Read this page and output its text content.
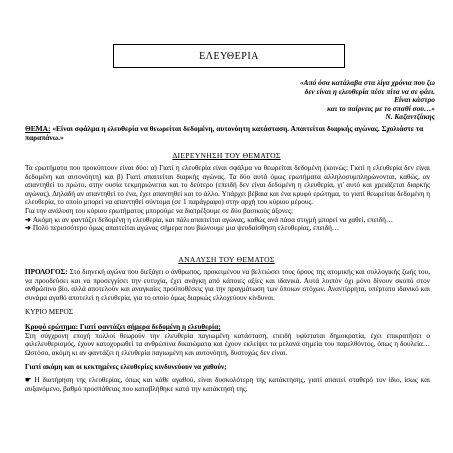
ΕΛΕΥΘΕΡΙΑ
«Από όσα κατάλαβα στα λίγα χρόνια που ζω
δεν είναι η ελευθερία πέσε πίτα να σε φάει.
Είναι κάστρο
και το παίρνεις με το σπαθί σου…»
Ν. Καζαντζάκης
ΘΕΜΑ: «Είναι σφάλμα η ελευθερία να θεωρείται δεδομένη, αυτονόητη κατάσταση. Απαιτείται διαρκής αγώνας. Σχολιάστε τα παραπάνω.»
ΔΙΕΡΕΥΝΗΣΗ ΤΟΥ ΘΕΜΑΤΟΣ

Τα ερωτήματα που προκύπτουν είναι δύο: α) Γιατί η ελευθερία είναι σφάλμα να θεωρείται δεδομένη (κοινώς: Γιατί η ελευθερία δεν είναι δεδομένη και αυτονόητη) και β) Γιατί απαιτείται διαρκής αγώνας. Τα δύο αυτά όμως ερωτήματα αλληλοσυμπληρώνονται, καθώς, αν απαντηθεί το πρώτο, στην ουσία τεκμηριώνεται και το δεύτερο (επειδή δεν είναι δεδομένη η ελευθερία, γι' αυτό και χρειάζεται διαρκής αγώνας). Δηλαδή αν απαντηθεί το ένα, έχει απαντηθεί και το άλλο. Υπάρχει βέβαια και ένα κρυφό ερώτημα, το γιατί θεωρείται δεδομένη η ελευθερία, το οποίο μπορεί να απαντηθεί σύντομα (σε 1 παράγραφο) στην αρχή του κύριου μέρους.

Για την ανάλυση του κύριου ερωτήματος μπορούμε να διατρέξουμε σε δύο βασικούς άξονες:

➔ Ακόμη κι αν φαντάζει δεδομένη η ελευθερία, και πάλι απαιτείται αγώνας, καθώς ανά πάσα στιγμή μπορεί να χαθεί, επειδή…

➔ Πολύ περισσότερο όμως απαιτείται αγώνας σήμερα που βιώνουμε μια ψευδαίσθηση ελευθερίας, επειδή…

ΑΝΑΛΥΣΗ ΤΟΥ ΘΕΜΑΤΟΣ

ΠΡΟΛΟΓΟΣ: Στο διηνεκή αγώνα που διεξάγει ο άνθρωπος, προκειμένου να βελτιώσει τους όρους της ατομικής και συλλογικής ζωής του, να προοδεύσει και να προσεγγίσει την ευτυχία, έχει ανάγκη από κάποιες αξίες και ιδανικά. Αυτά λοιπόν όχι μόνο δίνουν σκοπό στον ανθρώπινο βίο, αλλά αποτελούν και αναγκαίες προϋποθέσεις για την πραγμάτωση των όποιων στόχων. Αναντίρρητα, υπέρτατο ιδανικό και συνάμα αγαθό αποτελεί η ελευθερία, για το οποίο όμως διαρκώς ελλοχεύουν κίνδυνοι.

ΚΥΡΙΟ ΜΕΡΟΣ

Κρυφό ερώτημα: Γιατί φαντάζει σήμερα δεδομένη η ελευθερία;

Στη σύγχρονη εποχή πολλοί θεωρούν την ελευθερία παγιωμένη κατάσταση, επειδή υφίσταται δημοκρατία, έχει επικρατήσει ο φιλελευθερισμός, έχουν κατοχυρωθεί τα ανθρώπινα δικαιώματα και έχουν εκλείψει τα μελανά σημεία του παρελθόντος, όπως η δουλεία… Ωστόσο, ακόμη κι αν φαντάζει η ελευθερία παγιωμένη και αυτονόητη, δυστυχώς δεν είναι.

Γιατί ακόμη και οι κεκτημένες ελευθερίες κινδυνεύουν να χαθούν;

☛ Η διατήρηση της ελευθερίας, όπως και κάθε αγαθού, είναι δυσκολότερη της κατάκτησης, γιατί απαιτεί σταθερό τον ίδιο, ίσως και αυξανόμενο, βαθμό προσπάθειας που καταβλήθηκε κατά την κατάκτησή της.
